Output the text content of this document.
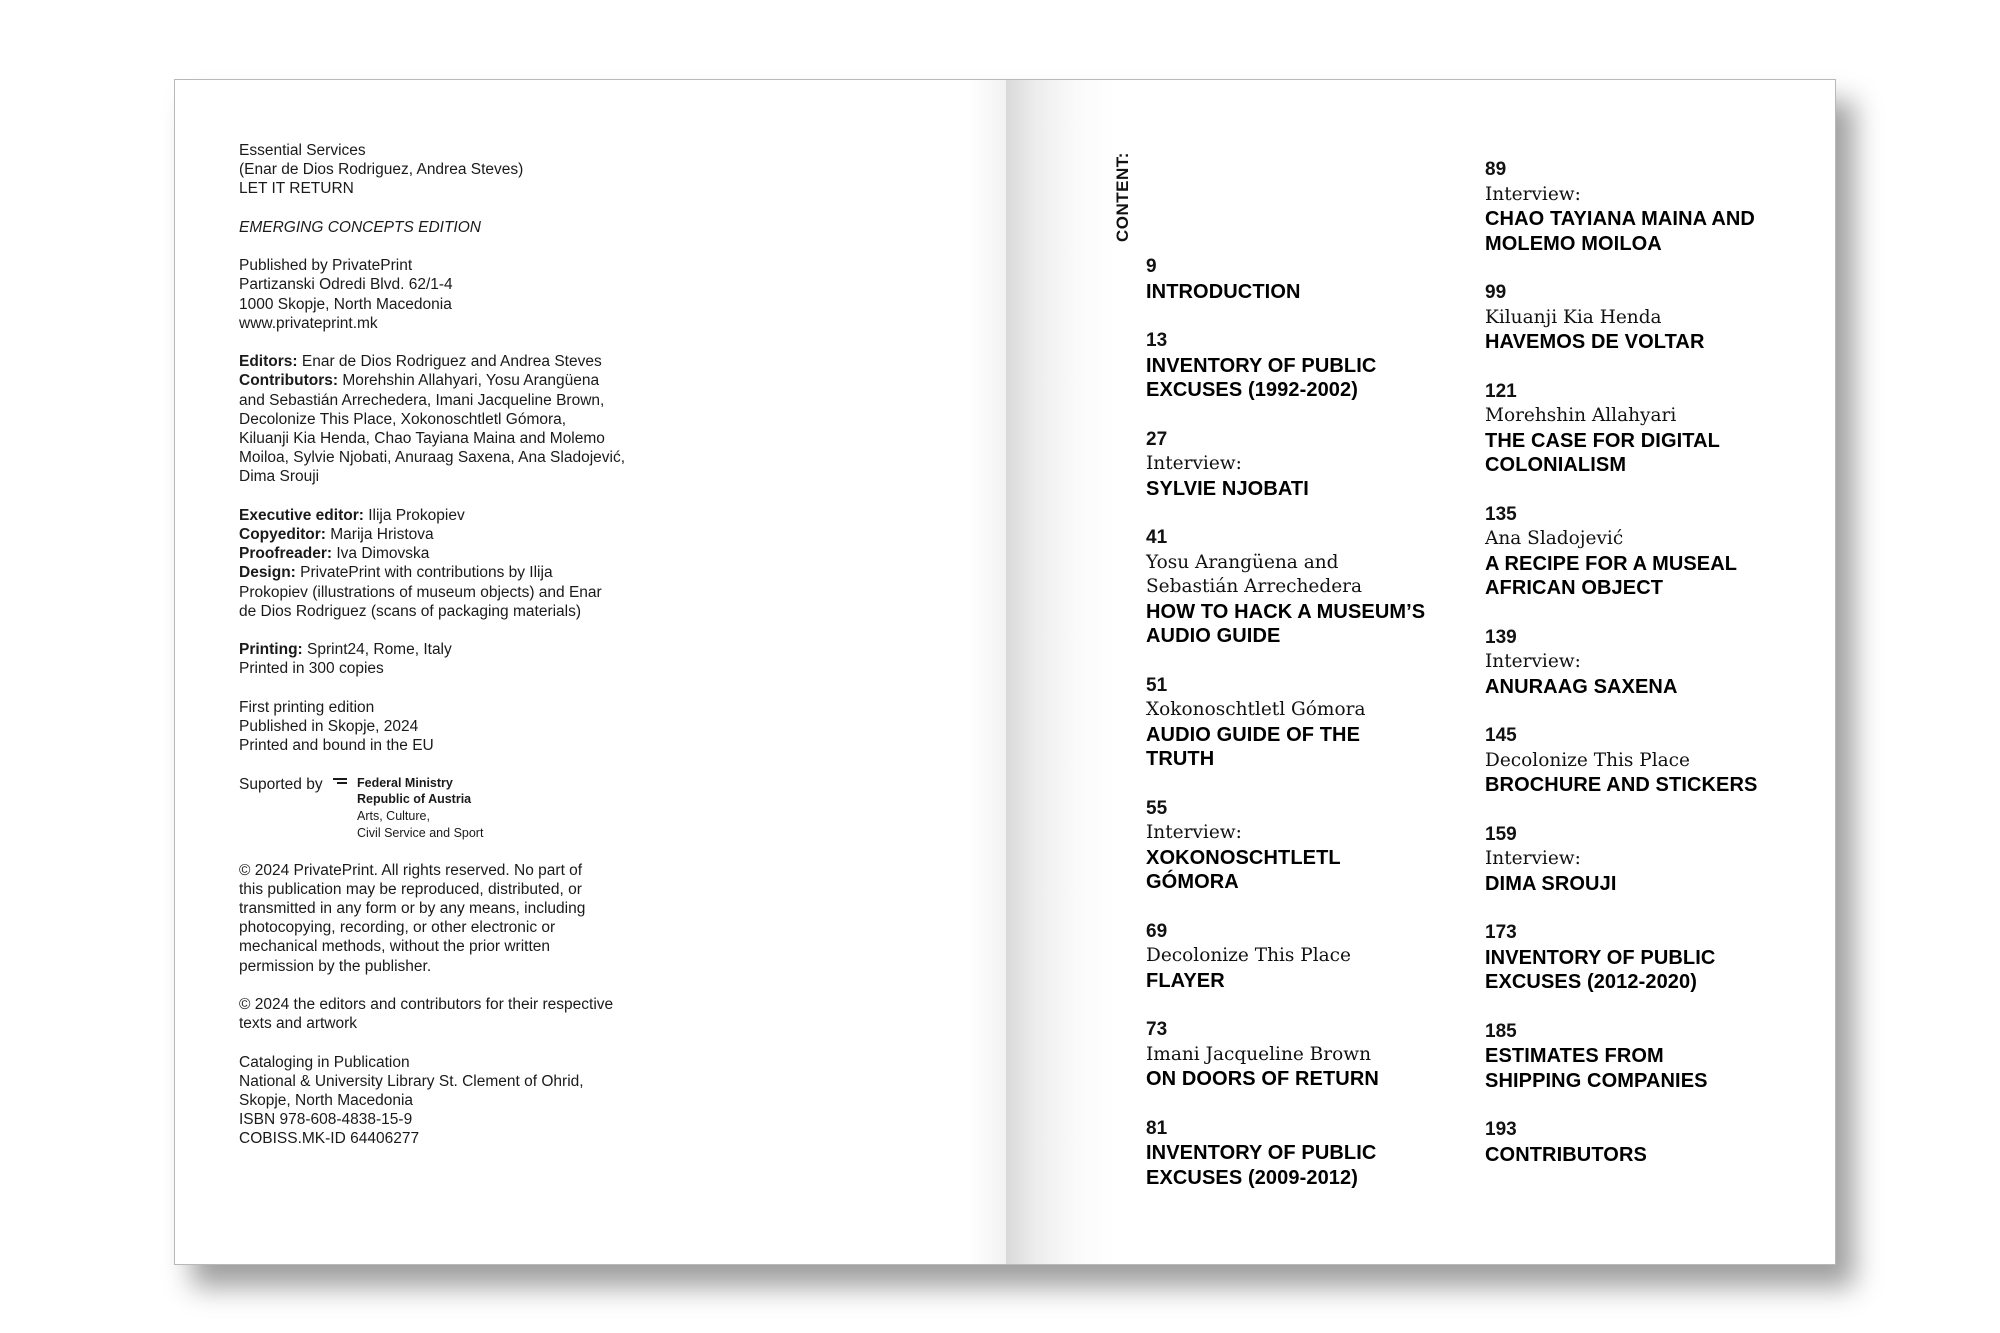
Essential Services
(Enar de Dios Rodriguez, Andrea Steves)
LET IT RETURN
EMERGING CONCEPTS EDITION
Published by PrivatePrint
Partizanski Odredi Blvd. 62/1-4
1000 Skopje, North Macedonia
www.privateprint.mk
Editors: Enar de Dios Rodriguez and Andrea Steves
Contributors: Morehshin Allahyari, Yosu Arangüena
and Sebastián Arrechedera, Imani Jacqueline Brown,
Decolonize This Place, Xokonoschtletl Gómora,
Kiluanji Kia Henda, Chao Tayiana Maina and Molemo
Moiloa, Sylvie Njobati, Anuraag Saxena, Ana Sladojević,
Dima Srouji
Executive editor: Ilija Prokopiev
Copyeditor: Marija Hristova
Proofreader: Iva Dimovska
Design: PrivatePrint with contributions by Ilija
Prokopiev (illustrations of museum objects) and Enar
de Dios Rodriguez (scans of packaging materials)
Printing: Sprint24, Rome, Italy
Printed in 300 copies
First printing edition
Published in Skopje, 2024
Printed and bound in the EU
Suported by	Federal Ministry
Republic of Austria
Arts, Culture,
Civil Service and Sport
© 2024 PrivatePrint. All rights reserved. No part of
this publication may be reproduced, distributed, or
transmitted in any form or by any means, including
photocopying, recording, or other electronic or
mechanical methods, without the prior written
permission by the publisher.
© 2024 the editors and contributors for their respective
texts and artwork
Cataloging in Publication
National & University Library St. Clement of Ohrid,
Skopje, North Macedonia
ISBN 978-608-4838-15-9
COBISS.MK-ID 64406277
CONTENT:
9
INTRODUCTION
13
INVENTORY OF PUBLIC
EXCUSES (1992-2002)
27
Interview:
SYLVIE NJOBATI
41
Yosu Arangüena and
Sebastián Arrechedera
HOW TO HACK A MUSEUM’S
AUDIO GUIDE
51
Xokonoschtletl Gómora
AUDIO GUIDE OF THE
TRUTH
55
Interview:
XOKONOSCHTLETL
GÓMORA
69
Decolonize This Place
FLAYER
73
Imani Jacqueline Brown
ON DOORS OF RETURN
81
INVENTORY OF PUBLIC
EXCUSES (2009-2012)
89
Interview:
CHAO TAYIANA MAINA AND
MOLEMO MOILOA
99
Kiluanji Kia Henda
HAVEMOS DE VOLTAR
121
Morehshin Allahyari
THE CASE FOR DIGITAL
COLONIALISM
135
Ana Sladojević
A RECIPE FOR A MUSEAL
AFRICAN OBJECT
139
Interview:
ANURAAG SAXENA
145
Decolonize This Place
BROCHURE AND STICKERS
159
Interview:
DIMA SROUJI
173
INVENTORY OF PUBLIC
EXCUSES (2012-2020)
185
ESTIMATES FROM
SHIPPING COMPANIES
193
CONTRIBUTORS
